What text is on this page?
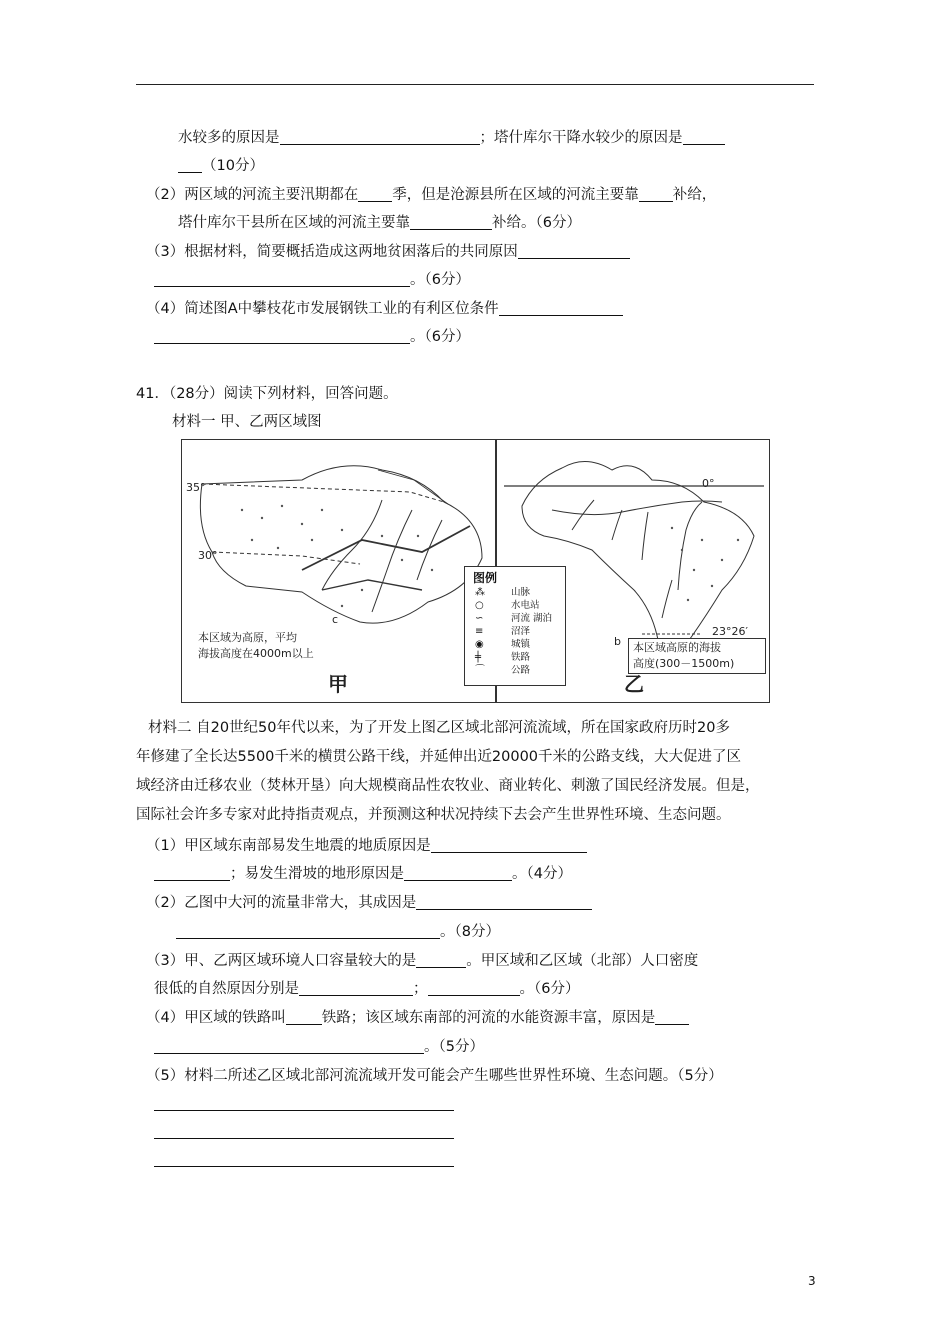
水较多的原因是	；塔什库尔干降水较少的原因是
（10分）
（2）两区域的河流主要汛期都在 季，但是沧源县所在区域的河流主要靠 补给，
塔什库尔干县所在区域的河流主要靠	补给。（6分）
（3）根据材料，简要概括造成这两地贫困落后的共同原因
。（6分）
（4）简述图A中攀枝花市发展钢铁工业的有利区位条件
。（6分）
41．（28分）阅读下列材料，回答问题。
材料一 甲、乙两区域图
35°
30°
c
本区域为高原，平均
海拔高度在4000m以上
甲
图例
⁂	山脉
○	水电站
∽	河流 湖泊
≡	沼泽
◉	城镇
╪	铁路
⌒	公路
0°
23°26′
b 本区域高原的海拔
高度(300－1500m)
乙
材料二 自20世纪50年代以来，为了开发上图乙区域北部河流流域，所在国家政府历时20多
年修建了全长达5500千米的横贯公路干线，并延伸出近20000千米的公路支线，大大促进了区
域经济由迁移农业（焚林开垦）向大规模商品性农牧业、商业转化、刺激了国民经济发展。但是，
国际社会许多专家对此持指责观点，并预测这种状况持续下去会产生世界性环境、生态问题。
（1）甲区域东南部易发生地震的地质原因是
；易发生滑坡的地形原因是	。（4分）
（2）乙图中大河的流量非常大，其成因是
。（8分）
（3）甲、乙两区域环境人口容量较大的是	。甲区域和乙区域（北部）人口密度
很低的自然原因分别是	；	。（6分）
（4）甲区域的铁路叫 铁路；该区域东南部的河流的水能资源丰富，原因是
。（5分）
（5）材料二所述乙区域北部河流流域开发可能会产生哪些世界性环境、生态问题。（5分）
3
